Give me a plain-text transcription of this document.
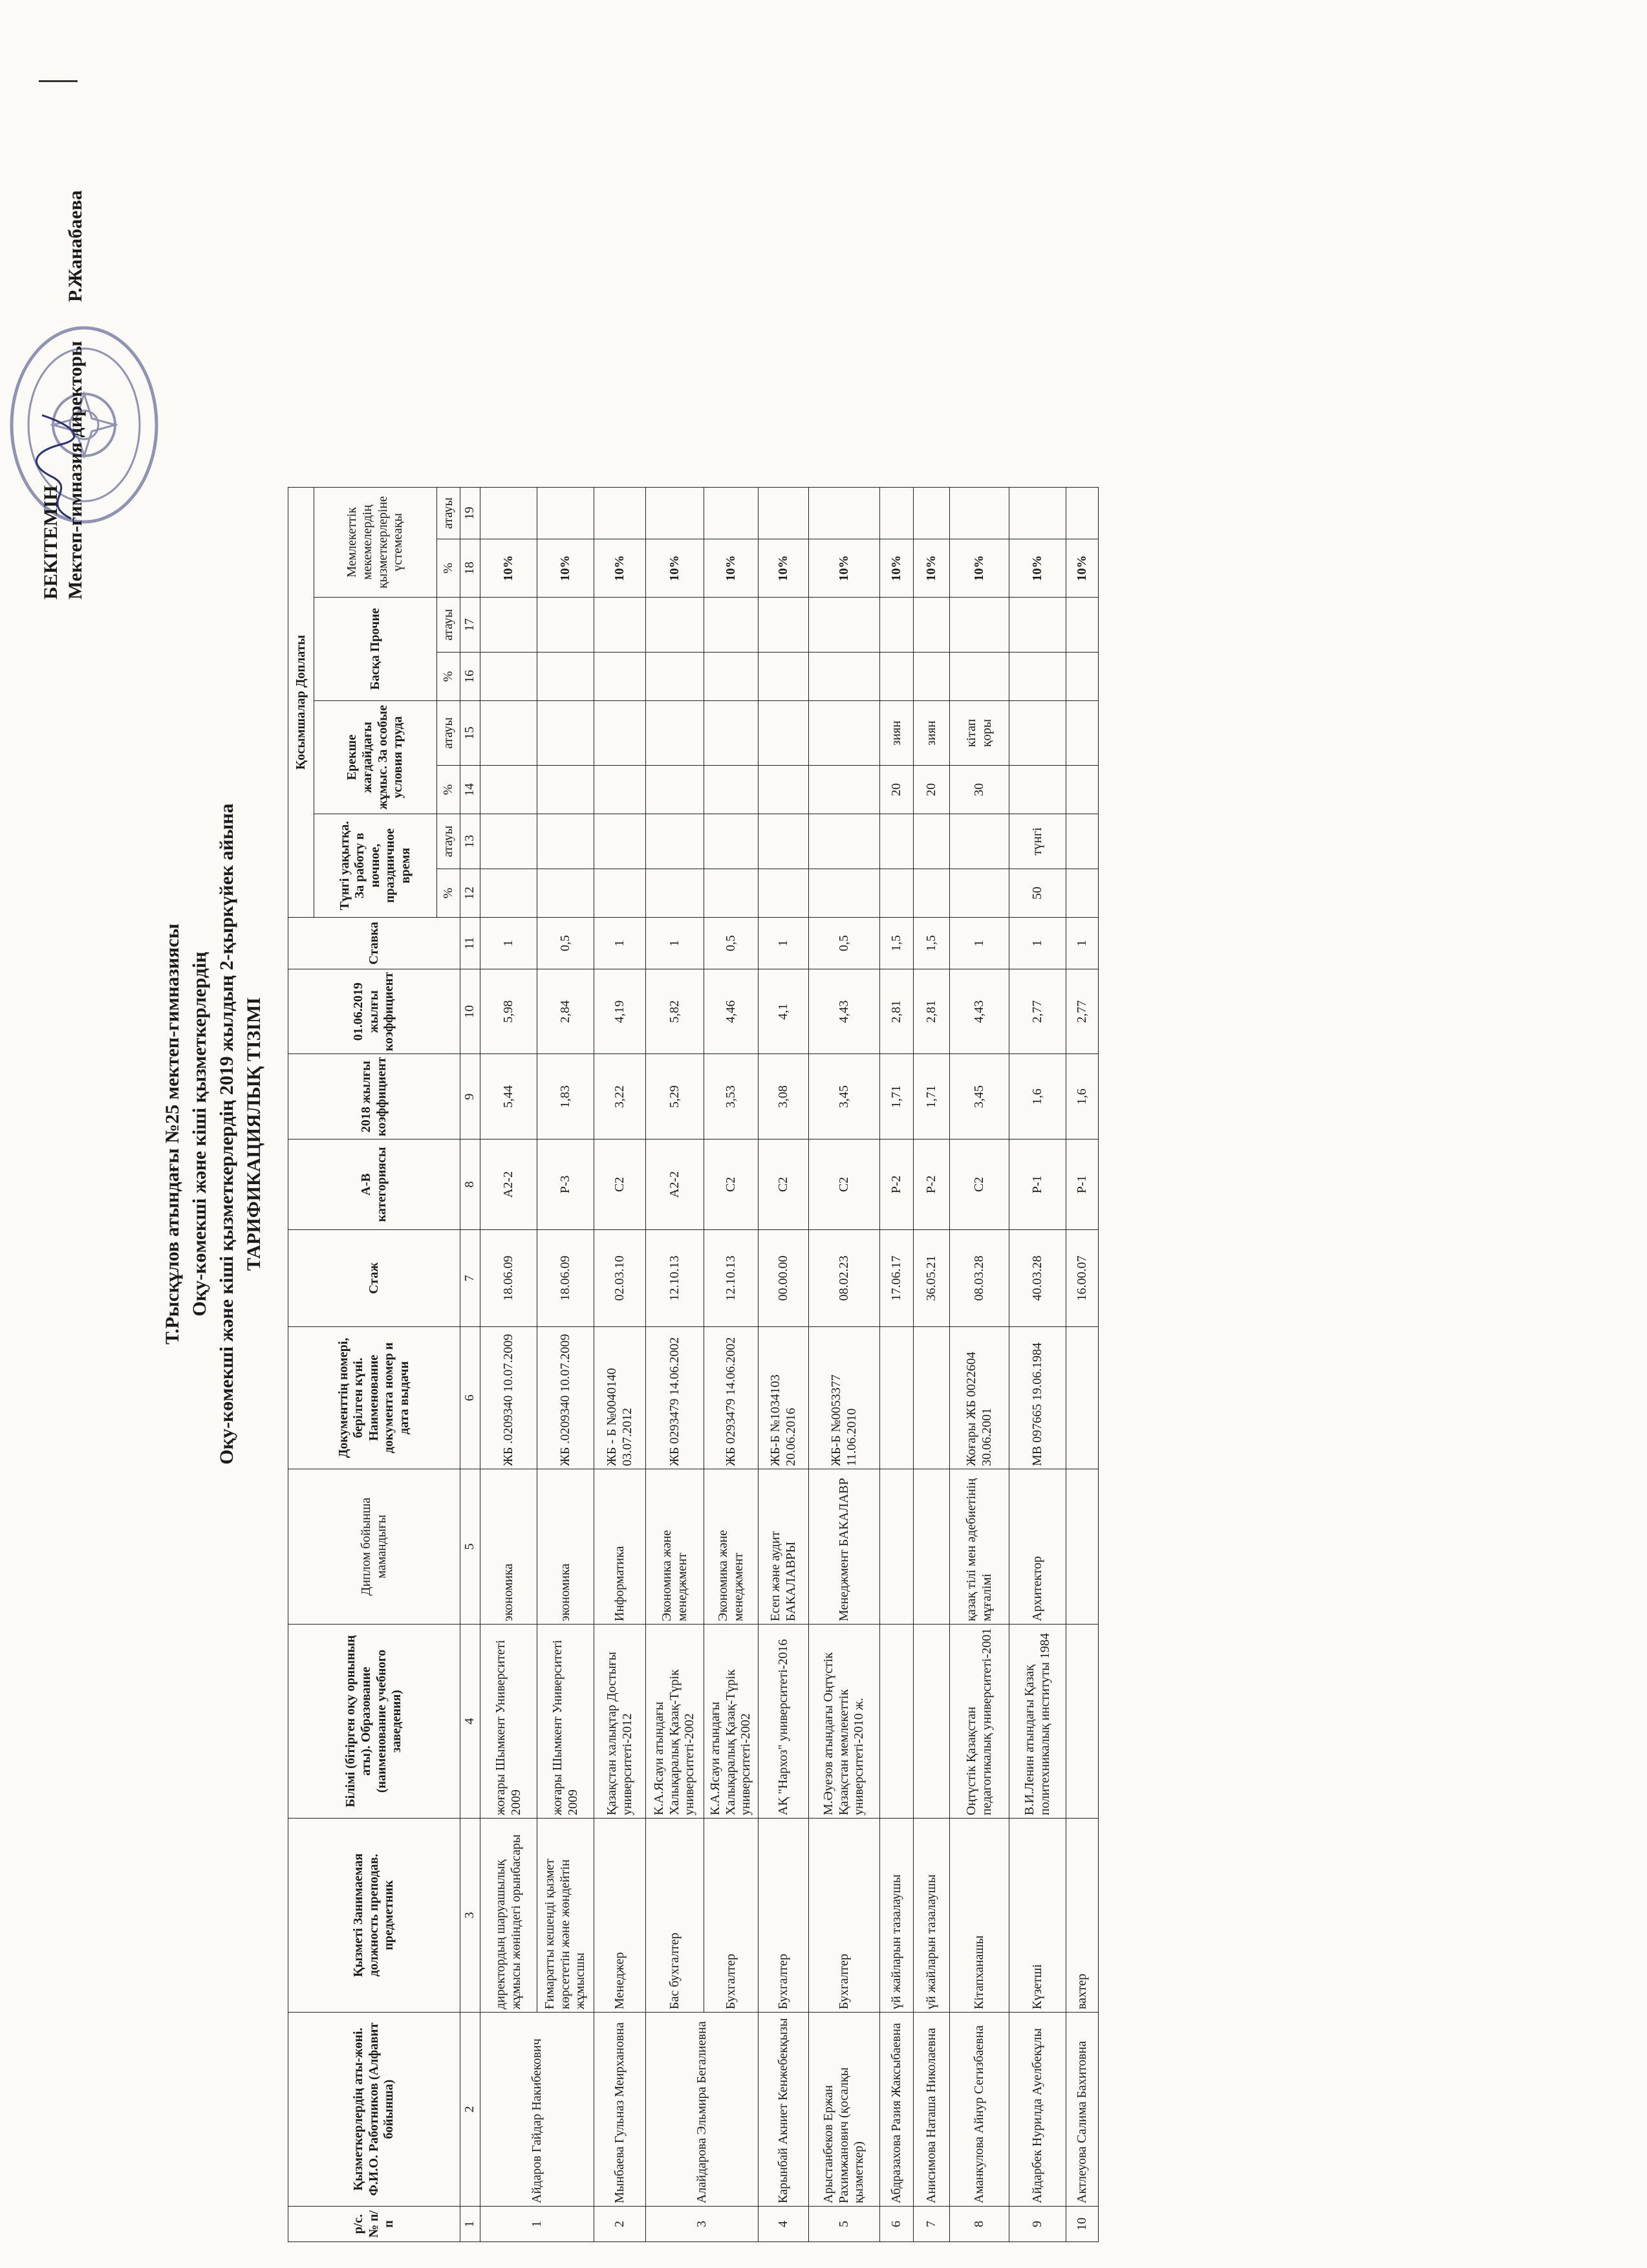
Т.Рысқұлов атындағы №25 мектеп-гимназиясы Оқу-көмекші және кіші қызметкерлердің Оқу-көмекші және кіші қызметкерлердің 2019 жылдың 2-қыркүйек айына ТАРИФИКАЦИЯЛЫҚ ТІЗІМІ
БЕКІТЕМІН Мектеп-гимназия директоры
Р.Жанабаева
р/с.№ п/п	Қызметкерлердің аты-жөні. Ф.И.О. Работников (Алфавит бойынша)	Қызметі Занимаемая должность преподав. предметник	Білімі (бітірген оқу орнының аты). Образование (наименование учебного заведения)	Диплом бойынша мамандығы	Документтің номері, берілген күні. Наименование документа номер и дата выдачи	Стаж	А-В категориясы	2018 жылғы коэффициент	01.06.2019 жылғы коэффициент	Ставка	Қосымшалар Доплаты							
											Түнгі уақытқа. За работу в ночное, праздничное время		Ерекше жағдайдағы жұмыс. За особые условия труда		Басқа Прочие		Мемлекеттік мекемелердің қызметкерлеріне үстемеақы	
											%	атауы	%	атауы	%	атауы	%	атауы
1	2	3	4	5	6	7	8	9	10	11	12	13	14	15	16	17	18	19
1	Айдаров Гайдар Накибекович	директордың шаруашылық жұмысы жөніндегі орынбасары	жоғары Шымкент Университеті 2009	экономика	ЖБ .0209340 10.07.2009	18.06.09	А2-2	5,44	5,98	1							10%	
		Ғимаратты кешенді қызмет көрсететін және жөндейтін жұмысшы	жоғары Шымкент Университеті 2009	экономика	ЖБ .0209340 10.07.2009	18.06.09	Р-3	1,83	2,84	0,5							10%	
2	Мынбаева Гульназ Меирхановна	Менеджер	Қазақстан халықтар Достығы университеті-2012	Информатика	ЖБ - Б №0040140 03.07.2012	02.03.10	С2	3,22	4,19	1							10%	
3	Алайдарова Эльмира Бегалиевна	Бас бухгалтер	К.А.Ясауи атындағы Халықаралық Қазақ-Түрік университеті-2002	Экономика және менеджмент	ЖБ 0293479 14.06.2002	12.10.13	А2-2	5,29	5,82	1							10%	
		Бухгалтер	К.А.Ясауи атындағы Халықаралық Қазақ-Түрік университеті-2002	Экономика және менеджмент	ЖБ 0293479 14.06.2002	12.10.13	С2	3,53	4,46	0,5							10%	
4	Карынбай Акниет Кенжебекқызы	Бухгалтер	АҚ "Нархоз" университеті-2016	Есеп және аудит БАКАЛАВРЫ	ЖБ-Б №1034103 20.06.2016	00.00.00	С2	3,08	4,1	1							10%	
5	Арыстанбеков Ержан Рахимжанович (қосалқы қызметкер)	Бухгалтер	М.Әуезов атындағы Оңтүстік Қазақстан мемлекеттік университеті-2010 ж.	Менеджмент БАКАЛАВР	ЖБ-Б №0053377 11.06.2010	08.02.23	С2	3,45	4,43	0,5							10%	
6	Абдразахова Разия Жаксыбаевна	үй жайларын тазалаушы				17.06.17	Р-2	1,71	2,81	1,5			20	зиян			10%	
7	Анисимова Наташа Николаевна	үй жайларын тазалаушы				36.05.21	Р-2	1,71	2,81	1,5			20	зиян			10%	
8	Аманкулова Айнур Сегизбаевна	Кітапханашы	Оңтүстік Қазақстан педагогикалық университеті-2001	қазақ тілі мен әдебиетінің мұғалімі	Жоғары ЖБ 0022604 30.06.2001	08.03.28	С2	3,45	4,43	1			30	кітап қоры			10%	
9	Айдарбек Нурилда Ауелбекұлы	Күзетші	В.И.Ленин атындағы Қазақ политехникалық институты 1984	Архитектор	МВ 097665 19.06.1984	40.03.28	Р-1	1,6	2,77	1	50	түнгі					10%	
10	Актлеуова Салима Бахитовна	вахтер				16.00.07	Р-1	1,6	2,77	1							10%	
